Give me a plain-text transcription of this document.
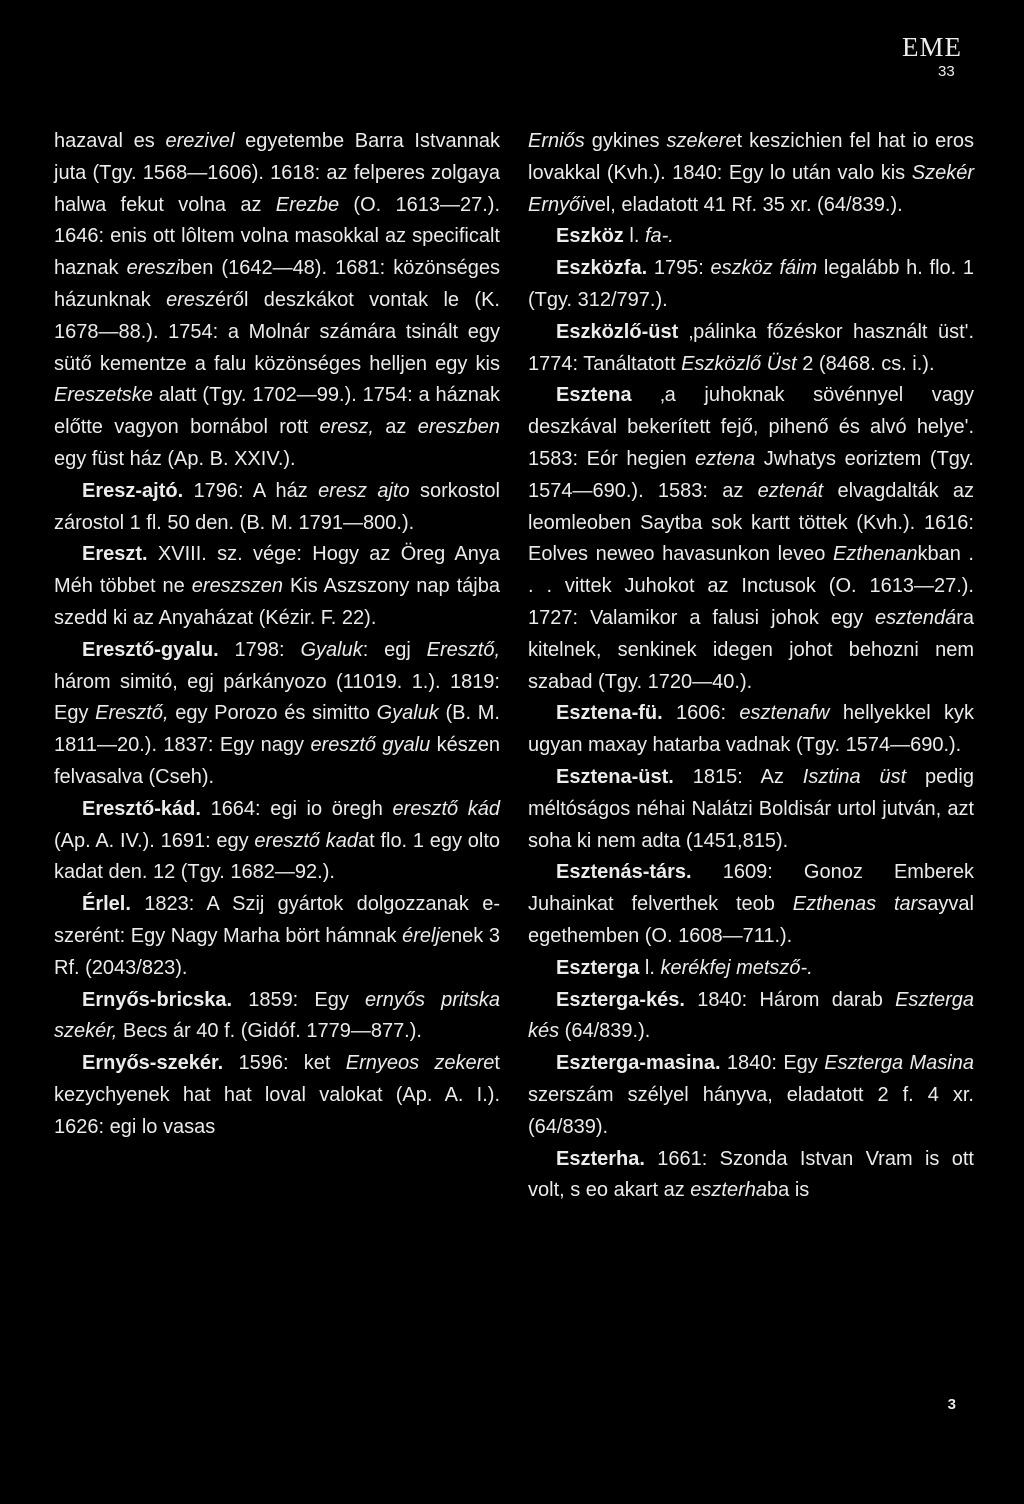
EME
33

hazaval es erezivel egyetembe Barra Istvannak juta (Tgy. 1568—1606). 1618: az felperes zolgaya halwa fekut volna az Erezbe (O. 1613—27.). 1646: enis ott lôltem volna masokkal az specificalt haznak eresziben (1642—48). 1681: közönséges házunknak ereszéről deszkákot vontak le (K. 1678—88.). 1754: a Molnár számára tsinált egy sütő kementze a falu közönséges helljen egy kis Ereszetske alatt (Tgy. 1702—99.). 1754: a háznak előtte vagyon bornábol rott eresz, az ereszben egy füst ház (Ap. B. XXIV.).

Eresz-ajtó. 1796: A ház eresz ajto sorkostol zárostol 1 fl. 50 den. (B. M. 1791—800.).

Ereszt. XVIII. sz. vége: Hogy az Öreg Anya Méh többet ne ereszszen Kis Aszszony nap tájba szedd ki az Anyaházat (Kézir. F. 22).

Eresztő-gyalu. 1798: Gyaluk: egj Eresztő, három simitó, egj párkányozo (11019. 1.). 1819: Egy Eresztő, egy Porozo és simitto Gyaluk (B. M. 1811—20.). 1837: Egy nagy eresztő gyalu készen felvasalva (Cseh).

Eresztő-kád. 1664: egi io öregh eresztő kád (Ap. A. IV.). 1691: egy eresztő kadat flo. 1 egy olto kadat den. 12 (Tgy. 1682—92.).

Érlel. 1823: A Szij gyártok dolgozzanak e-szerént: Egy Nagy Marha bört hámnak éreljenek 3 Rf. (2043/823).

Ernyős-bricska. 1859: Egy ernyős pritska szekér, Becs ár 40 f. (Gidóf. 1779—877.).

Ernyős-szekér. 1596: ket Ernyeos zekeret kezychyenek hat hat loval valokat (Ap. A. I.). 1626: egi lo vasas

Erniős gykines szekeret keszichien fel hat io eros lovakkal (Kvh.). 1840: Egy lo után valo kis Szekér Ernyőivel, eladatott 41 Rf. 35 xr. (64/839.).

Eszköz l. fa-.

Eszközfa. 1795: eszköz fáim legalább h. flo. 1 (Tgy. 312/797.).

Eszközlő-üst ‚pálinka főzéskor használt üst'. 1774: Tanáltatott Eszközlő Üst 2 (8468. cs. i.).

Esztena ‚a juhoknak sövénnyel vagy deszkával bekerített fejő, pihenő és alvó helye'. 1583: Eór hegien eztena Jwhatys eoriztem (Tgy. 1574—690.). 1583: az eztenát elvagdalták az leomleoben Saytba sok kartt töttek (Kvh.). 1616: Eolves neweo havasunkon leveo Ezthenankban . . . vittek Juhokot az Inctusok (O. 1613—27.). 1727: Valamikor a falusi johok egy esztendára kitelnek, senkinek idegen johot behozni nem szabad (Tgy. 1720—40.).

Esztena-fü. 1606: esztenafw hellyekkel kyk ugyan maxay hatarba vadnak (Tgy. 1574—690.).

Esztena-üst. 1815: Az Isztina üst pedig méltóságos néhai Nalátzi Boldisár urtol jutván, azt soha ki nem adta (1451,815).

Esztenás-társ. 1609: Gonoz Emberek Juhainkat felverthek teob Ezthenas tarsayval egethemben (O. 1608—711.).

Eszterga l. kerékfej metsző-.

Eszterga-kés. 1840: Három darab Eszterga kés (64/839.).

Eszterga-masina. 1840: Egy Eszterga Masina szerszám szélyel hányva, eladatott 2 f. 4 xr. (64/839).

Eszterha. 1661: Szonda Istvan Vram is ott volt, s eo akart az eszterhaba is

3
